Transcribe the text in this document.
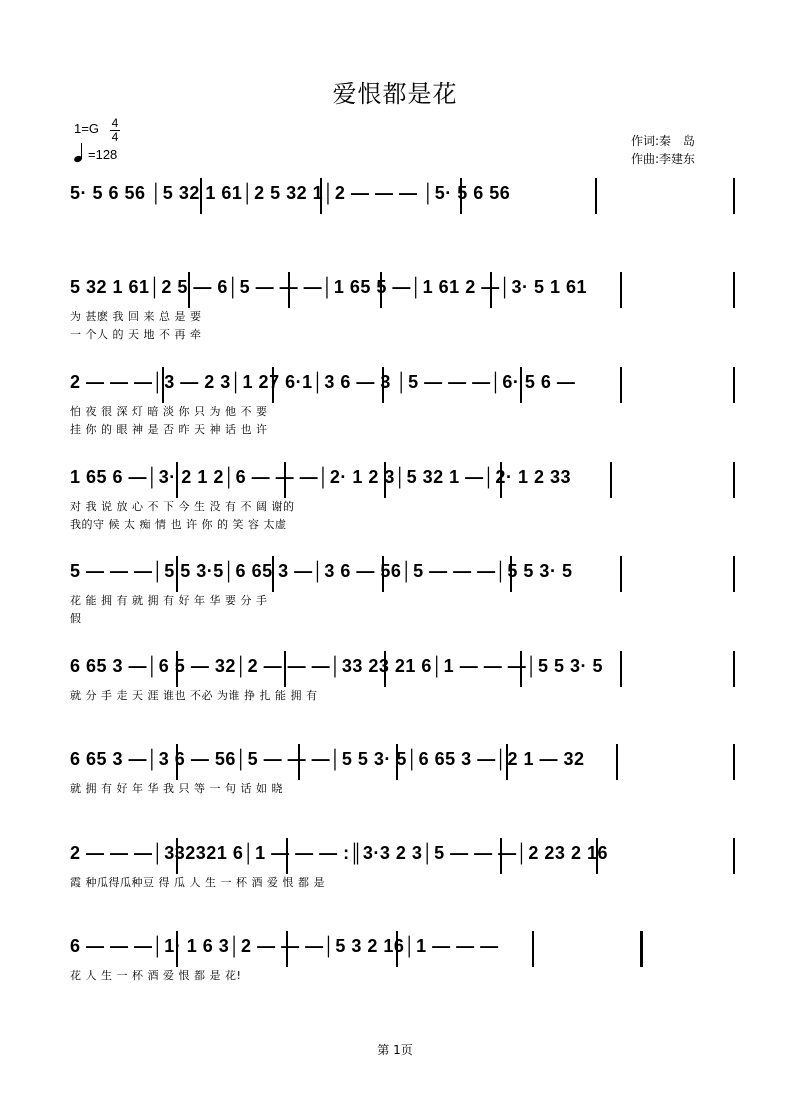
爱恨都是花
1=G 4
4
=128
作词:秦　岛
作曲:李建东
5· 5 6 56 │5 32 1 61│2 5 32 1│2 — — — │5· 5 6 56
5 32 1 61│2 5 — 6│5 — — —│1 65 5 —│1 61 2 —│3· 5 1 61
为 甚麽 我 回 来 总 是 要
一 个人 的 天 地 不 再 牵
2 — — —│3 — 2 3│1 27 6·1│3 6 — 3 │5 — — —│6· 5 6 —
怕 夜 很 深 灯 暗 淡 你 只 为 他 不 要
挂 你 的 眼 神 是 否 昨 天 神 话 也 许
1 65 6 —│3· 2 1 2│6 — — —│2· 1 2 3│5 32 1 —│2· 1 2 33
对 我 说 放 心 不 下 今 生 没 有 不 阔 谢的
我的守 候 太 痴 情 也 许 你 的 笑 容 太虚
5 — — —│5 5 3·5│6 65 3 —│3 6 — 56│5 — — —│5 5 3· 5
花 能 拥 有 就 拥 有 好 年 华 要 分 手
假
6 65 3 —│6 5 — 32│2 — — —│33 23 21 6│1 — — —│5 5 3· 5
就 分 手 走 天 涯 谁也 不必 为谁 挣 扎 能 拥 有
6 65 3 —│3 6 — 56│5 — — —│5 5 3· 5│6 65 3 —│2 1 — 32
就 拥 有 好 年 华 我 只 等 一 句 话 如 晓
2 — — —│332321 6│1 — — — :║3·3 2 3│5 — — —│2 23 2 16
霞 种瓜得瓜种豆 得 瓜 人 生 一 杯 酒 爱 恨 都 是
6 — — —│1· 1 6 3│2 — — —│5 3 2 16│1 — — —
花 人 生 一 杯 酒 爱 恨 都 是 花!
第 1页
